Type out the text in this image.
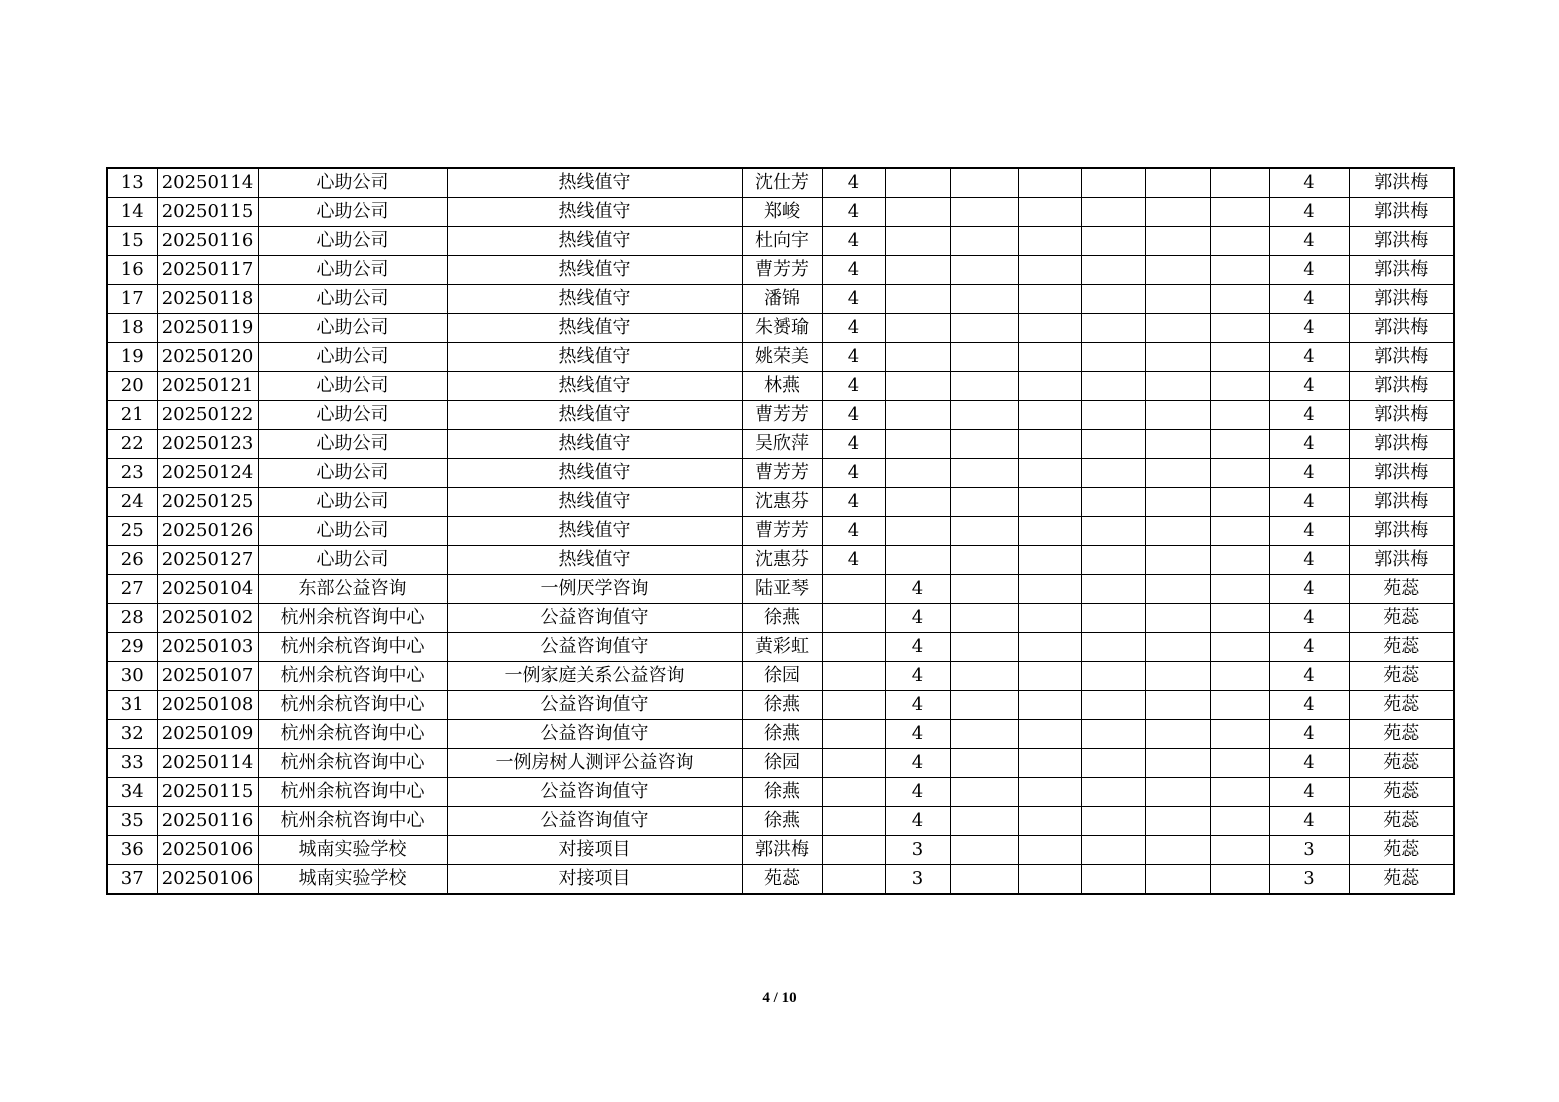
13	20250114	心助公司	热线值守	沈仕芳	4							4	郭洪梅
14	20250115	心助公司	热线值守	郑峻	4							4	郭洪梅
15	20250116	心助公司	热线值守	杜向宇	4							4	郭洪梅
16	20250117	心助公司	热线值守	曹芳芳	4							4	郭洪梅
17	20250118	心助公司	热线值守	潘锦	4							4	郭洪梅
18	20250119	心助公司	热线值守	朱赟瑜	4							4	郭洪梅
19	20250120	心助公司	热线值守	姚荣美	4							4	郭洪梅
20	20250121	心助公司	热线值守	林燕	4							4	郭洪梅
21	20250122	心助公司	热线值守	曹芳芳	4							4	郭洪梅
22	20250123	心助公司	热线值守	吴欣萍	4							4	郭洪梅
23	20250124	心助公司	热线值守	曹芳芳	4							4	郭洪梅
24	20250125	心助公司	热线值守	沈惠芬	4							4	郭洪梅
25	20250126	心助公司	热线值守	曹芳芳	4							4	郭洪梅
26	20250127	心助公司	热线值守	沈惠芬	4							4	郭洪梅
27	20250104	东部公益咨询	一例厌学咨询	陆亚琴		4						4	苑蕊
28	20250102	杭州余杭咨询中心	公益咨询值守	徐燕		4						4	苑蕊
29	20250103	杭州余杭咨询中心	公益咨询值守	黄彩虹		4						4	苑蕊
30	20250107	杭州余杭咨询中心	一例家庭关系公益咨询	徐园		4						4	苑蕊
31	20250108	杭州余杭咨询中心	公益咨询值守	徐燕		4						4	苑蕊
32	20250109	杭州余杭咨询中心	公益咨询值守	徐燕		4						4	苑蕊
33	20250114	杭州余杭咨询中心	一例房树人测评公益咨询	徐园		4						4	苑蕊
34	20250115	杭州余杭咨询中心	公益咨询值守	徐燕		4						4	苑蕊
35	20250116	杭州余杭咨询中心	公益咨询值守	徐燕		4						4	苑蕊
36	20250106	城南实验学校	对接项目	郭洪梅		3						3	苑蕊
37	20250106	城南实验学校	对接项目	苑蕊		3						3	苑蕊
4 / 10
